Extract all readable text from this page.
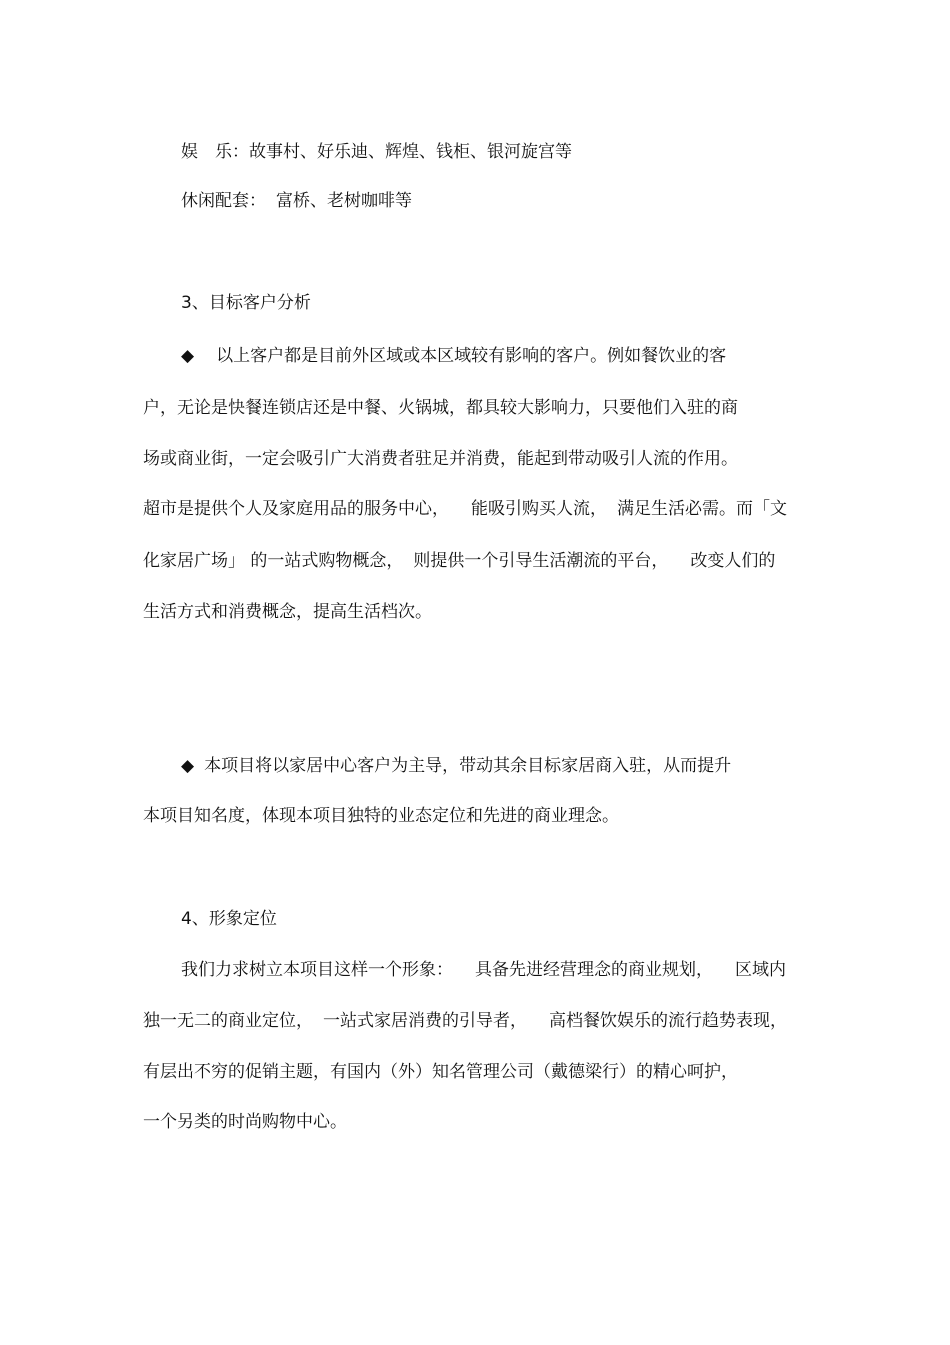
娱　乐：故事村、好乐迪、辉煌、钱柜、银河旋宫等
休闲配套： 富桥、老树咖啡等
3、目标客户分析
◆ 以上客户都是目前外区域或本区域较有影响的客户。例如餐饮业的客
户，无论是快餐连锁店还是中餐、火锅城，都具较大影响力，只要他们入驻的商
场或商业街，一定会吸引广大消费者驻足并消费，能起到带动吸引人流的作用。
超市是提供个人及家庭用品的服务中心， 能吸引购买人流， 满足生活必需。而「文
化家居广场」 的一站式购物概念， 则提供一个引导生活潮流的平台， 改变人们的
生活方式和消费概念，提高生活档次。
◆ 本项目将以家居中心客户为主导，带动其余目标家居商入驻，从而提升
本项目知名度，体现本项目独特的业态定位和先进的商业理念。
4、形象定位
我们力求树立本项目这样一个形象： 具备先进经营理念的商业规划， 区域内
独一无二的商业定位， 一站式家居消费的引导者， 高档餐饮娱乐的流行趋势表现，
有层出不穷的促销主题，有国内（外）知名管理公司（戴德梁行）的精心呵护，
一个另类的时尚购物中心。
